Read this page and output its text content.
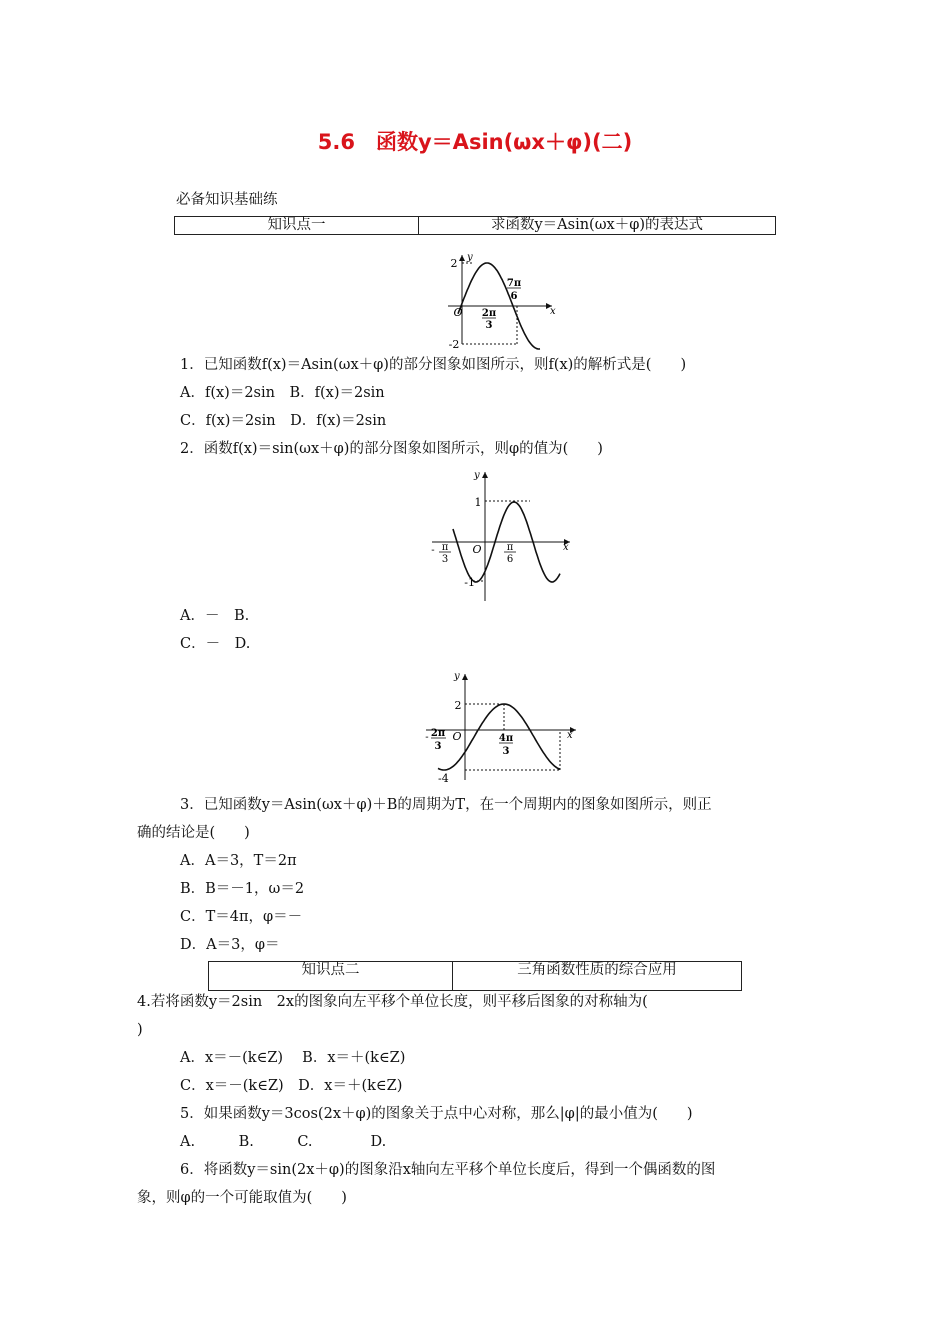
5.6　函数y＝Asin(ωx＋φ)(二)
必备知识基础练
知识点一	求函数y＝Asin(ωx＋φ)的表达式
2
-2
O
y
x
2π
3
7π
6
1．已知函数f(x)＝Asin(ωx＋φ)的部分图象如图所示，则f(x)的解析式是(　　)
A．f(x)＝2sin　B．f(x)＝2sin
C．f(x)＝2sin　D．f(x)＝2sin
2．函数f(x)＝sin(ωx＋φ)的部分图象如图所示，则φ的值为(　　)
1
-1
O
y
x
- π
3
π
6
A．－　B.
C．－　D.
2
-4
O
y
x
- 2π
3
4π
3
3．已知函数y＝Asin(ωx＋φ)＋B的周期为T，在一个周期内的图象如图所示，则正
确的结论是(　　)
A．A＝3，T＝2π
B．B＝－1，ω＝2
C．T＝4π，φ＝－
D．A＝3，φ＝
知识点二	三角函数性质的综合应用
4.若将函数y＝2sin　2x的图象向左平移个单位长度，则平移后图象的对称轴为(
)
A．x＝－(k∈Z)　 B．x＝＋(k∈Z)
C．x＝－(k∈Z)　D．x＝＋(k∈Z)
5．如果函数y＝3cos(2x＋φ)的图象关于点中心对称，那么|φ|的最小值为(　　)
A.　　　B.　　　C.　　　　D.
6．将函数y＝sin(2x＋φ)的图象沿x轴向左平移个单位长度后，得到一个偶函数的图
象，则φ的一个可能取值为(　　)
